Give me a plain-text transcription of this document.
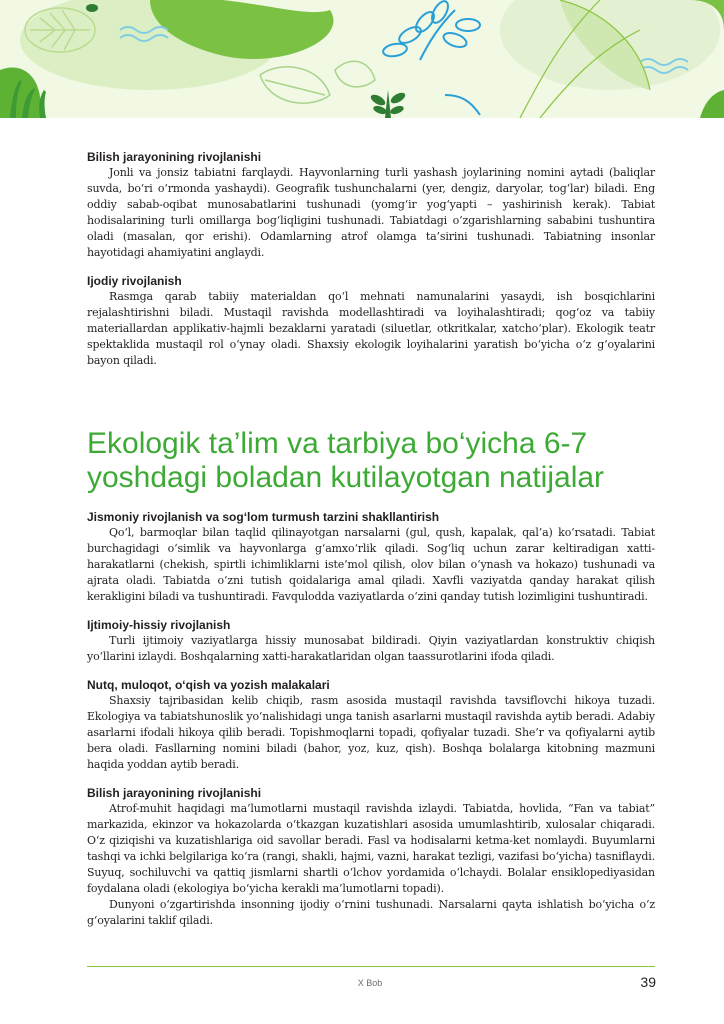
Bilish jarayonining rivojlanishi

Jonli va jonsiz tabiatni farqlaydi. Hayvonlarning turli yashash joylarining nomini aytadi (baliqlar suvda, bo‘ri o‘rmonda yashaydi). Geografik tushunchalarni (yer, dengiz, daryolar, tog‘lar) biladi. Eng oddiy sabab-oqibat munosabatlarini tushunadi (yomg‘ir yog‘yapti – yashirinish kerak). Tabiat hodisalarining turli omillarga bog‘liqligini tushunadi. Tabiatdagi o‘zgarishlarning sababini tushuntira oladi (masalan, qor erishi). Odamlarning atrof olamga ta’sirini tushunadi. Tabiatning insonlar hayotidagi ahamiyatini anglaydi.

Ijodiy rivojlanish

Rasmga qarab tabiiy materialdan qo‘l mehnati namunalarini yasaydi, ish bosqichlarini rejalashtirishni biladi. Mustaqil ravishda modellashtiradi va loyihalashtiradi; qog‘oz va tabiiy materiallardan applikativ-hajmli bezaklarni yaratadi (siluetlar, otkritkalar, xatcho‘plar). Ekologik teatr spektaklida mustaqil rol o‘ynay oladi. Shaxsiy ekologik loyihalarini yaratish bo‘yicha o‘z g‘oyalarini bayon qiladi.

Ekologik ta’lim va tarbiya bo‘yicha 6-7 yoshdagi boladan kutilayotgan natijalar

Jismoniy rivojlanish va sog‘lom turmush tarzini shakllantirish

Qo‘l, barmoqlar bilan taqlid qilinayotgan narsalarni (gul, qush, kapalak, qal’a) ko‘rsatadi. Tabiat burchagidagi o‘simlik va hayvonlarga g‘amxo‘rlik qiladi. Sog‘liq uchun zarar keltiradigan xatti-harakatlarni (chekish, spirtli ichimliklarni iste’mol qilish, olov bilan o‘ynash va hokazo) tushunadi va ajrata oladi. Tabiatda o‘zni tutish qoidalariga amal qiladi. Xavfli vaziyatda qanday harakat qilish kerakligini biladi va tushuntiradi. Favqulodda vaziyatlarda o‘zini qanday tutish lozimligini tushuntiradi.

Ijtimoiy-hissiy rivojlanish

Turli ijtimoiy vaziyatlarga hissiy munosabat bildiradi. Qiyin vaziyatlardan konstruktiv chiqish yo‘llarini izlaydi. Boshqalarning xatti-harakatlaridan olgan taassurotlarini ifoda qiladi.

Nutq, muloqot, o‘qish va yozish malakalari

Shaxsiy tajribasidan kelib chiqib, rasm asosida mustaqil ravishda tavsiflovchi hikoya tuzadi. Ekologiya va tabiatshunoslik yo‘nalishidagi unga tanish asarlarni mustaqil ravishda aytib beradi. Adabiy asarlarni ifodali hikoya qilib beradi. Topishmoqlarni topadi, qofiyalar tuzadi. She’r va qofiyalarni aytib bera oladi. Fasllarning nomini biladi (bahor, yoz, kuz, qish). Boshqa bolalarga kitobning mazmuni haqida yoddan aytib beradi.

Bilish jarayonining rivojlanishi

Atrof-muhit haqidagi ma’lumotlarni mustaqil ravishda izlaydi. Tabiatda, hovlida, “Fan va tabiat” markazida, ekinzor va hokazolarda o‘tkazgan kuzatishlari asosida umumlashtirib, xulosalar chiqaradi. O‘z qiziqishi va kuzatishlariga oid savollar beradi. Fasl va hodisalarni ketma-ket nomlaydi. Buyumlarni tashqi va ichki belgilariga ko‘ra (rangi, shakli, hajmi, vazni, harakat tezligi, vazifasi bo‘yicha) tasniflaydi. Suyuq, sochiluvchi va qattiq jismlarni shartli o‘lchov yordamida o‘lchaydi. Bolalar ensiklopediyasidan foydalana oladi (ekologiya bo‘yicha kerakli ma’lumotlarni topadi).

Dunyoni o‘zgartirishda insonning ijodiy o‘rnini tushunadi. Narsalarni qayta ishlatish bo‘yicha o‘z g‘oyalarini taklif qiladi.

X Bob	39
